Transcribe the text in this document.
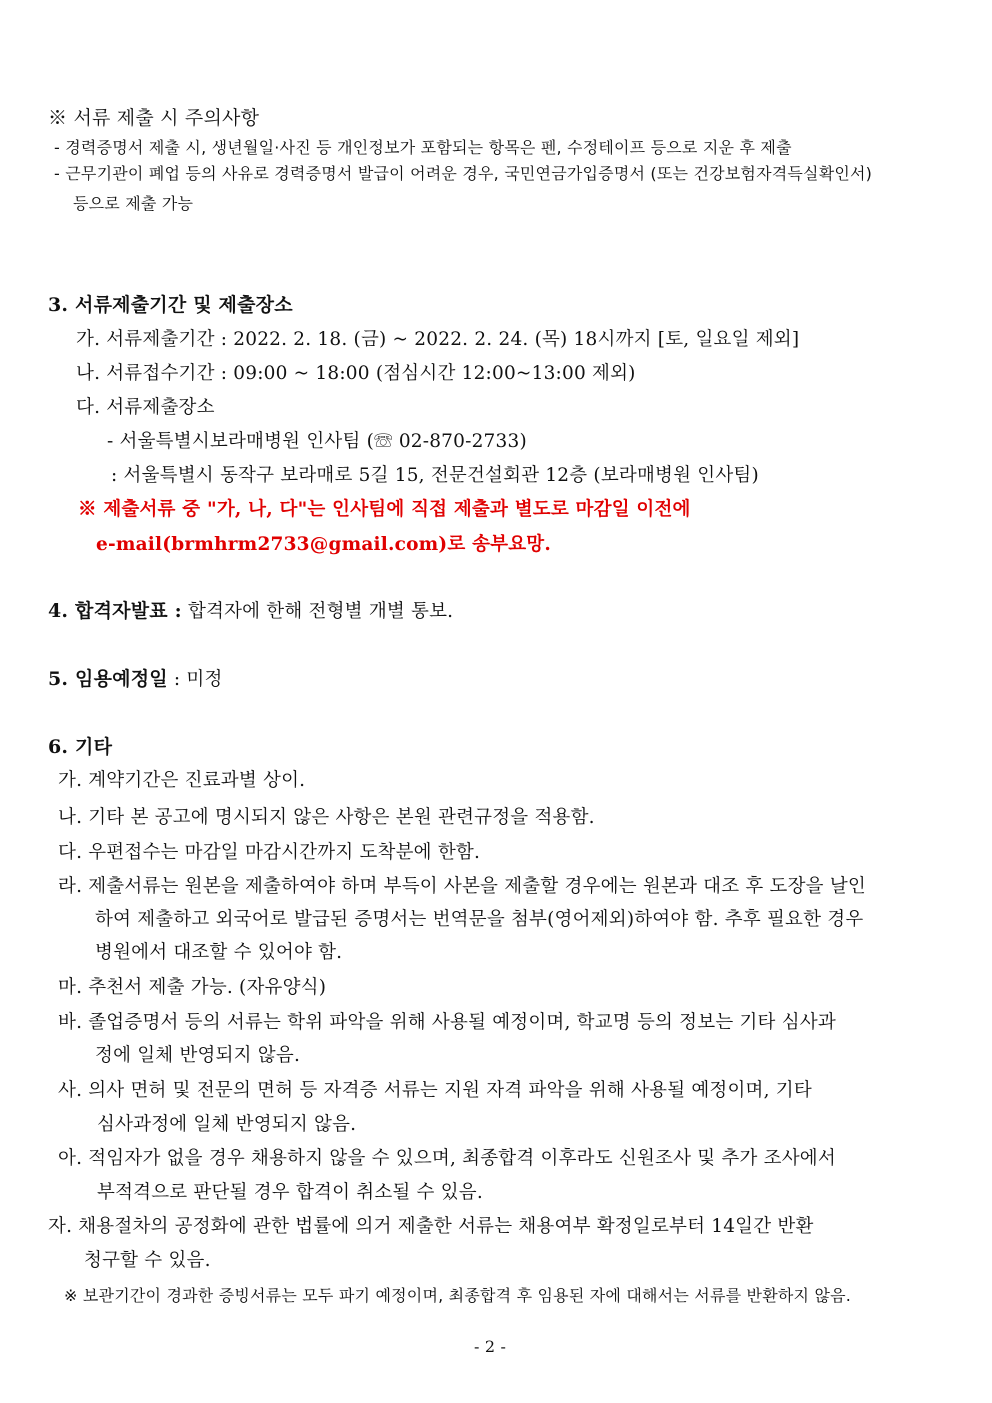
※ 서류 제출 시 주의사항
- 경력증명서 제출 시, 생년월일·사진 등 개인정보가 포함되는 항목은 펜, 수정테이프 등으로 지운 후 제출
- 근무기관이 폐업 등의 사유로 경력증명서 발급이 어려운 경우, 국민연금가입증명서 (또는 건강보험자격득실확인서)
등으로 제출 가능
3. 서류제출기간 및 제출장소
가. 서류제출기간 : 2022. 2. 18. (금) ~ 2022. 2. 24. (목) 18시까지 [토, 일요일 제외]
나. 서류접수기간 : 09:00 ~ 18:00 (점심시간 12:00~13:00 제외)
다. 서류제출장소
- 서울특별시보라매병원 인사팀 (☏ 02-870-2733)
: 서울특별시 동작구 보라매로 5길 15, 전문건설회관 12층 (보라매병원 인사팀)
※ 제출서류 중 "가, 나, 다"는 인사팀에 직접 제출과 별도로 마감일 이전에
e-mail(brmhrm2733@gmail.com)로 송부요망.
4. 합격자발표 : 합격자에 한해 전형별 개별 통보.
5. 임용예정일 : 미정
6. 기타
가. 계약기간은 진료과별 상이.
나. 기타 본 공고에 명시되지 않은 사항은 본원 관련규정을 적용함.
다. 우편접수는 마감일 마감시간까지 도착분에 한함.
라. 제출서류는 원본을 제출하여야 하며 부득이 사본을 제출할 경우에는 원본과 대조 후 도장을 날인
하여 제출하고 외국어로 발급된 증명서는 번역문을 첨부(영어제외)하여야 함. 추후 필요한 경우
병원에서 대조할 수 있어야 함.
마. 추천서 제출 가능. (자유양식)
바. 졸업증명서 등의 서류는 학위 파악을 위해 사용될 예정이며, 학교명 등의 정보는 기타 심사과
정에 일체 반영되지 않음.
사. 의사 면허 및 전문의 면허 등 자격증 서류는 지원 자격 파악을 위해 사용될 예정이며, 기타
심사과정에 일체 반영되지 않음.
아. 적임자가 없을 경우 채용하지 않을 수 있으며, 최종합격 이후라도 신원조사 및 추가 조사에서
부적격으로 판단될 경우 합격이 취소될 수 있음.
자. 채용절차의 공정화에 관한 법률에 의거 제출한 서류는 채용여부 확정일로부터 14일간 반환
청구할 수 있음.
※ 보관기간이 경과한 증빙서류는 모두 파기 예정이며, 최종합격 후 임용된 자에 대해서는 서류를 반환하지 않음.
- 2 -
